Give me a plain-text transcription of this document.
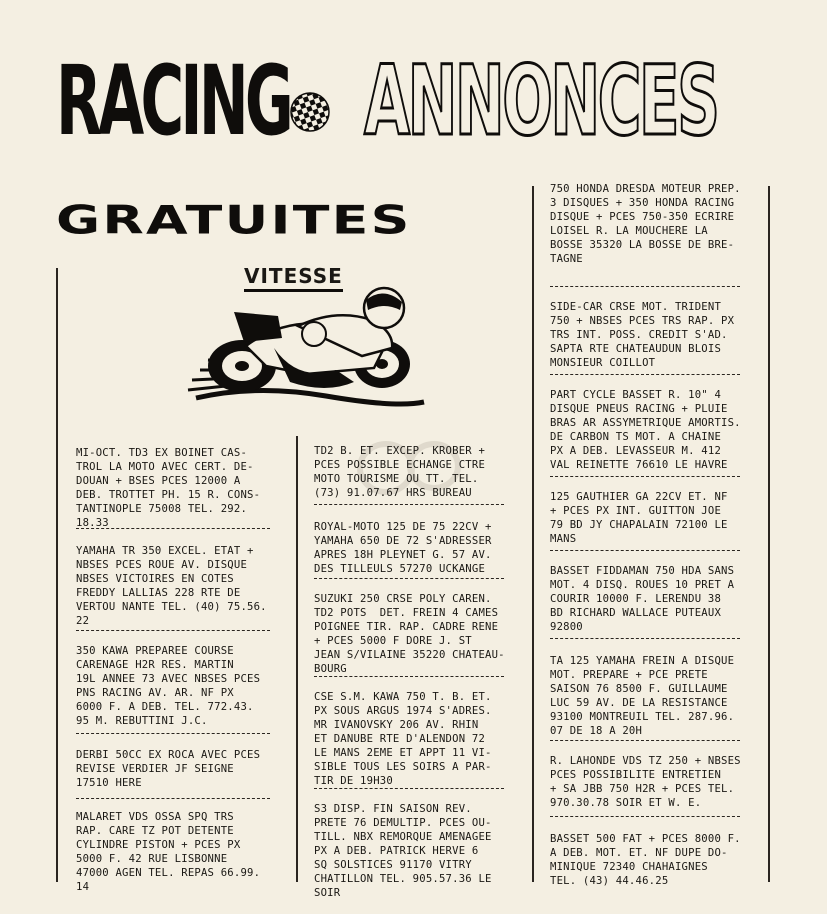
RACING ANNONCES
GRATUITES
VITESSE
MI-OCT. TD3 EX BOINET CAS-
TROL LA MOTO AVEC CERT. DE-
DOUAN + BSES PCES 12000 A
DEB. TROTTET PH. 15 R. CONS-
TANTINOPLE 75008 TEL. 292.
18.33
YAMAHA TR 350 EXCEL. ETAT +
NBSES PCES ROUE AV. DISQUE
NBSES VICTOIRES EN COTES
FREDDY LALLIAS 228 RTE DE
VERTOU NANTE TEL. (40) 75.56.
22
350 KAWA PREPAREE COURSE
CARENAGE H2R RES. MARTIN
19L ANNEE 73 AVEC NBSES PCES
PNS RACING AV. AR. NF PX
6000 F. A DEB. TEL. 772.43.
95 M. REBUTTINI J.C.
DERBI 50CC EX ROCA AVEC PCES
REVISE VERDIER JF SEIGNE
17510 HERE
MALARET VDS OSSA SPQ TRS
RAP. CARE TZ POT DETENTE
CYLINDRE PISTON + PCES PX
5000 F. 42 RUE LISBONNE
47000 AGEN TEL. REPAS 66.99.
14
TD2 B. ET. EXCEP. KROBER +
PCES POSSIBLE ECHANGE CTRE
MOTO TOURISME OU TT. TEL.
(73) 91.07.67 HRS BUREAU
ROYAL-MOTO 125 DE 75 22CV +
YAMAHA 650 DE 72 S'ADRESSER
APRES 18H PLEYNET G. 57 AV.
DES TILLEULS 57270 UCKANGE
SUZUKI 250 CRSE POLY CAREN.
TD2 POTS  DET. FREIN 4 CAMES
POIGNEE TIR. RAP. CADRE RENE
+ PCES 5000 F DORE J. ST
JEAN S/VILAINE 35220 CHATEAU-
BOURG
CSE S.M. KAWA 750 T. B. ET.
PX SOUS ARGUS 1974 S'ADRES.
MR IVANOVSKY 206 AV. RHIN
ET DANUBE RTE D'ALENDON 72
LE MANS 2EME ET APPT 11 VI-
SIBLE TOUS LES SOIRS A PAR-
TIR DE 19H30
S3 DISP. FIN SAISON REV.
PRETE 76 DEMULTIP. PCES OU-
TILL. NBX REMORQUE AMENAGEE
PX A DEB. PATRICK HERVE 6
SQ SOLSTICES 91170 VITRY
CHATILLON TEL. 905.57.36 LE
SOIR
750 HONDA DRESDA MOTEUR PREP.
3 DISQUES + 350 HONDA RACING
DISQUE + PCES 750-350 ECRIRE
LOISEL R. LA MOUCHERE LA
BOSSE 35320 LA BOSSE DE BRE-
TAGNE
SIDE-CAR CRSE MOT. TRIDENT
750 + NBSES PCES TRS RAP. PX
TRS INT. POSS. CREDIT S'AD.
SAPTA RTE CHATEAUDUN BLOIS
MONSIEUR COILLOT
PART CYCLE BASSET R. 10" 4
DISQUE PNEUS RACING + PLUIE
BRAS AR ASSYMETRIQUE AMORTIS.
DE CARBON TS MOT. A CHAINE
PX A DEB. LEVASSEUR M. 412
VAL REINETTE 76610 LE HAVRE
125 GAUTHIER GA 22CV ET. NF
+ PCES PX INT. GUITTON JOE
79 BD JY CHAPALAIN 72100 LE
MANS
BASSET FIDDAMAN 750 HDA SANS
MOT. 4 DISQ. ROUES 10 PRET A
COURIR 10000 F. LERENDU 38
BD RICHARD WALLACE PUTEAUX
92800
TA 125 YAMAHA FREIN A DISQUE
MOT. PREPARE + PCE PRETE
SAISON 76 8500 F. GUILLAUME
LUC 59 AV. DE LA RESISTANCE
93100 MONTREUIL TEL. 287.96.
07 DE 18 A 20H
R. LAHONDE VDS TZ 250 + NBSES
PCES POSSIBILITE ENTRETIEN
+ SA JBB 750 H2R + PCES TEL.
970.30.78 SOIR ET W. E.
BASSET 500 FAT + PCES 8000 F.
A DEB. MOT. ET. NF DUPE DO-
MINIQUE 72340 CHAHAIGNES
TEL. (43) 44.46.25
